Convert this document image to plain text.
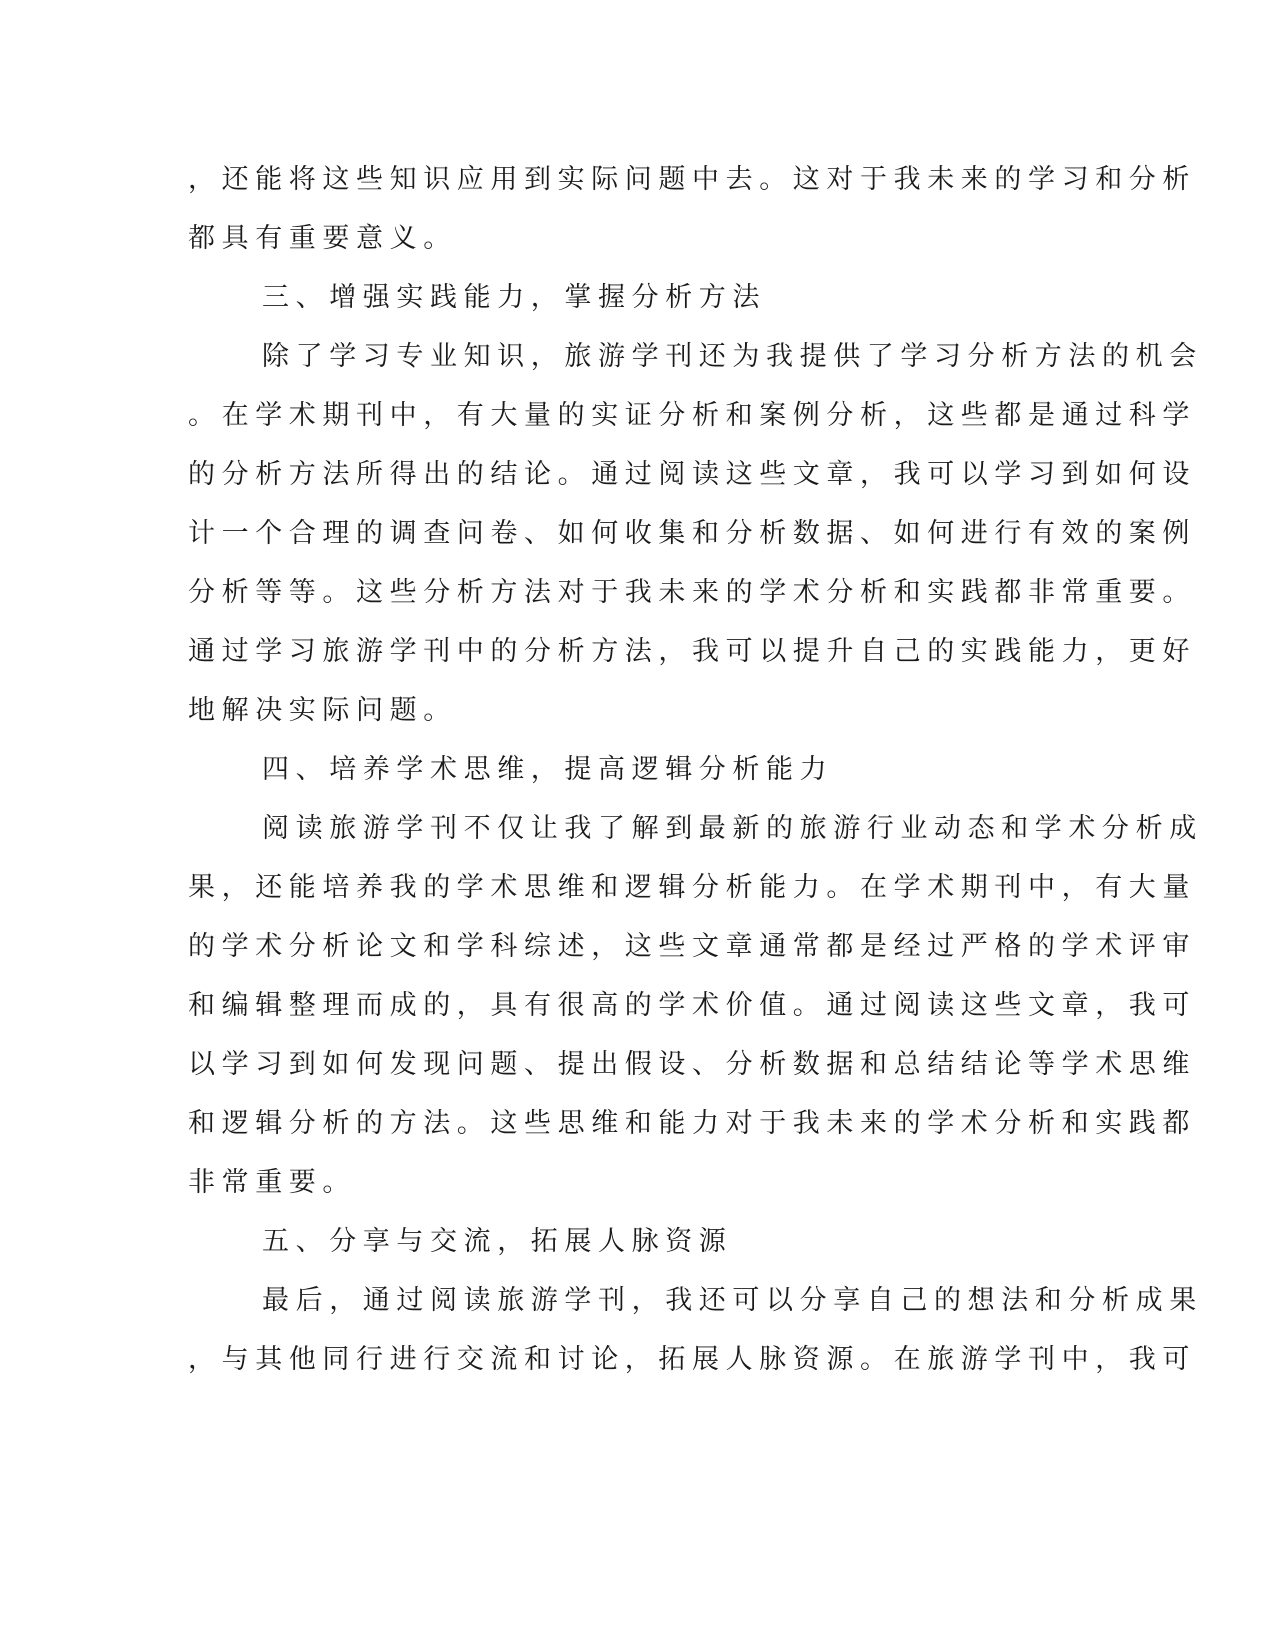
，还能将这些知识应用到实际问题中去。这对于我未来的学习和分析
都具有重要意义。
三、增强实践能力，掌握分析方法
除了学习专业知识，旅游学刊还为我提供了学习分析方法的机会
。在学术期刊中，有大量的实证分析和案例分析，这些都是通过科学
的分析方法所得出的结论。通过阅读这些文章，我可以学习到如何设
计一个合理的调查问卷、如何收集和分析数据、如何进行有效的案例
分析等等。这些分析方法对于我未来的学术分析和实践都非常重要。
通过学习旅游学刊中的分析方法，我可以提升自己的实践能力，更好
地解决实际问题。
四、培养学术思维，提高逻辑分析能力
阅读旅游学刊不仅让我了解到最新的旅游行业动态和学术分析成
果，还能培养我的学术思维和逻辑分析能力。在学术期刊中，有大量
的学术分析论文和学科综述，这些文章通常都是经过严格的学术评审
和编辑整理而成的，具有很高的学术价值。通过阅读这些文章，我可
以学习到如何发现问题、提出假设、分析数据和总结结论等学术思维
和逻辑分析的方法。这些思维和能力对于我未来的学术分析和实践都
非常重要。
五、分享与交流，拓展人脉资源
最后，通过阅读旅游学刊，我还可以分享自己的想法和分析成果
，与其他同行进行交流和讨论，拓展人脉资源。在旅游学刊中，我可
